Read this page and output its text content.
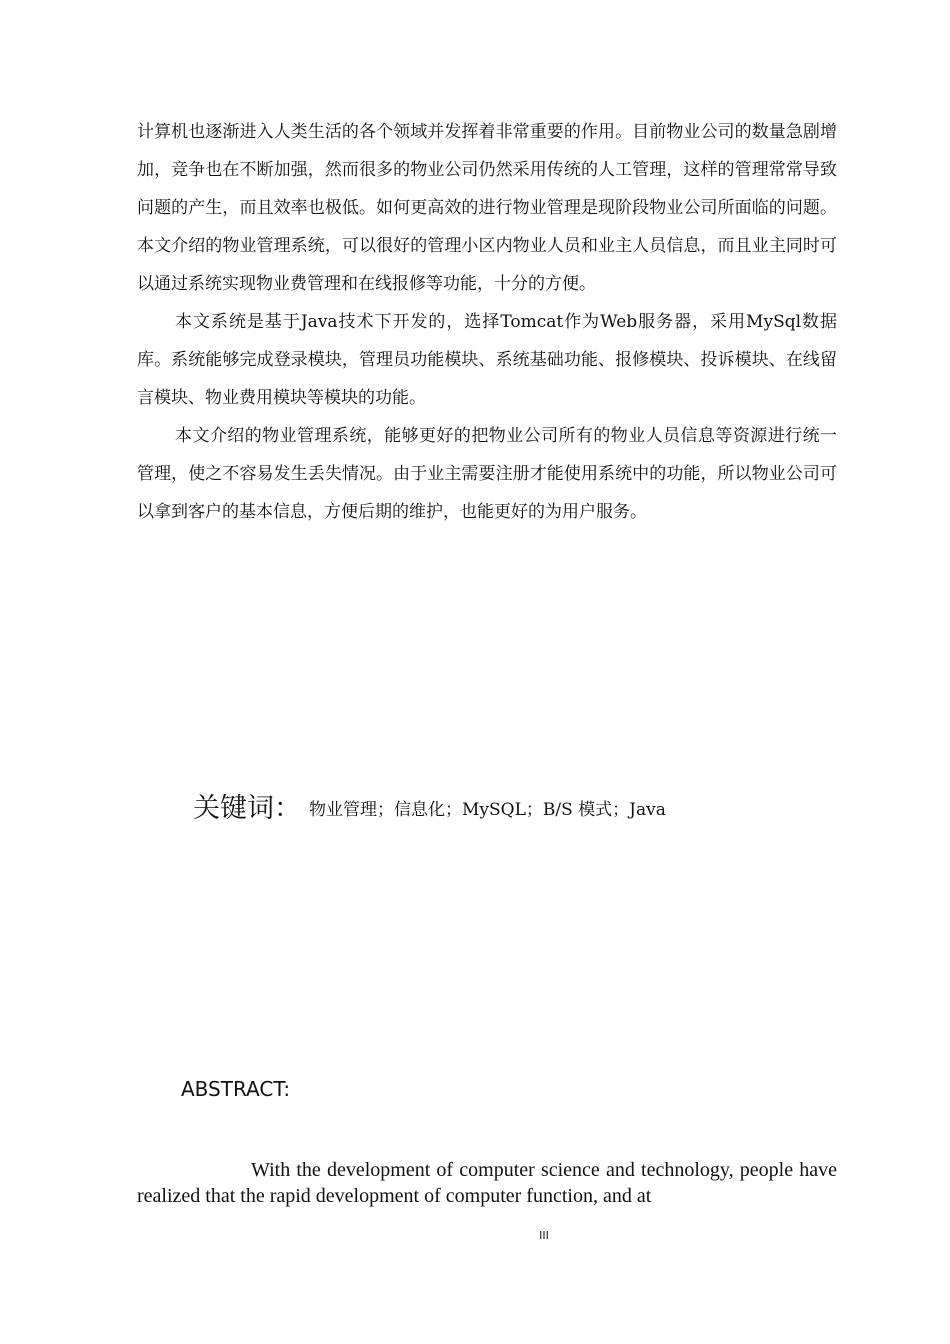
计算机也逐渐进入人类生活的各个领域并发挥着非常重要的作用。目前物业公司的数量急剧增加，竞争也在不断加强，然而很多的物业公司仍然采用传统的人工管理，这样的管理常常导致问题的产生，而且效率也极低。如何更高效的进行物业管理是现阶段物业公司所面临的问题。本文介绍的物业管理系统，可以很好的管理小区内物业人员和业主人员信息，而且业主同时可以通过系统实现物业费管理和在线报修等功能，十分的方便。

本文系统是基于Java技术下开发的，选择Tomcat作为Web服务器，采用MySql数据库。系统能够完成登录模块，管理员功能模块、系统基础功能、报修模块、投诉模块、在线留言模块、物业费用模块等模块的功能。

本文介绍的物业管理系统，能够更好的把物业公司所有的物业人员信息等资源进行统一管理，使之不容易发生丢失情况。由于业主需要注册才能使用系统中的功能，所以物业公司可以拿到客户的基本信息，方便后期的维护，也能更好的为用户服务。

关键词： 物业管理；信息化；MySQL；B/S 模式；Java
ABSTRACT:

With the development of computer science and technology, people have realized that the rapid development of computer function, and at

III
